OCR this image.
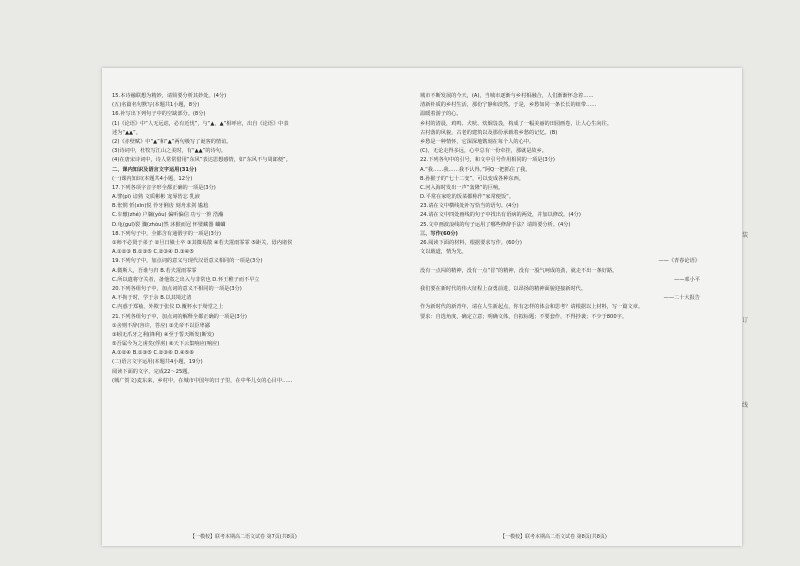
15.本诗融联想为精妙，请简要分析其妙处。(4分)
(五)名篇名句默写(本题共1小题，8分)
16.补写出下列句子中的空缺部分。(8分)
(1)《论语》中“人无远虑，必有近忧”，与“▲，▲”相呼应，出自《论语》中表
述为“▲▲”。
(2)《赤壁赋》中“▲”和“▲”两句极写了诞客的情谊。
(3)诗词中，杜牧写江山之美时，有“▲▲”的诗句。
(4)在唐宋诗词中，诗人常常借用“东风”表达思想感情，如“东风不与周郎便”。
二、课内知识及语言文字运用(31分)
(一)课内知识(本题共4小题，12分)
17.下列各项字音字形全都正确的一项是(3分)
A.譬(pì) 谙熟 文质彬彬 宠辱皆忘 乳液
B.怅惘 忻(xīn)悦 伶牙俐齿 刻舟求剑 尴尬
C.车辙(zhé) 户牖(yǒu) 偏听偏信 功亏一篑 浩瀚
D.龟(guī)裂 骤(zhòu)然 沐猴而冠 怀璧藏器 蛐蛐
18.下列句子中，全都含有通假字的一项是(3分)
①师不必贤于弟子 ②旦日飨士卒 ③其微易散 ④若夫霪雨霏霏 ⑤距关，毋内诸侯
A.①②③ B.①③⑤ C.②③④ D.③④⑤
19.下列句子中，加点词的意义与现代汉语意义相同的一项是(3分)
A.微斯人，吾谁与归 B.若夫霪雨霏霏
C.所以遣将守关者，备他盗之出入与非常也 D.怀王稚子而不早立
20.下列各组句子中，加点词的意义不相同的一项是(3分)
A.不拘于时，学于余 B.以其境过清
C.内惑于郑袖，外欺于张仪 D.覆杯水于坳堂之上
21.下列各组句子中，加点词的解释全都正确的一项是(3分)
①舍则不辞(容许，答应) ②先帝不以臣卑鄙
③蚓无爪牙之利(锋利) ④至于誓天断发(断发)
⑤吾属今为之虏矣(俘虏) ⑥天下云集响应(响应)
A.①②④ B.①③⑤ C.②③⑥ D.④⑤⑥
(二)语言文字运用(本题共4小题，19分)
阅读下面的文字，完成22～25题。
(城广贺文)麦东来，乡村中，在城市中国年的日子里，在中华儿女的心目中……
城市不断发展的今天，(A)，当城市逐渐与乡村相融合，人们渐渐怀念着……
清新朴质的乡村生活，那份宁静和淡然。于是，乡愁如同一条长长的纽带……
温暖着游子的心。
乡村的清晨，鸡鸣、犬吠、炊烟袅袅，构成了一幅美丽的田园画卷，让人心生向往。
古村落的风貌，古老的建筑以及那份承载着乡愁的记忆。(B)
乡愁是一种情怀，它深深地镌刻在每个人的心中。
(C)，无论走得多远，心中总有一份牵挂，那就是故乡。
22.下列各句中的引号，和文中引号作用相同的一项是(3分)
A.“我……我……我不认得。”阿Q一把抓住了我。
B.孙猴子的“七十二变”，可以变成各种东西。
C.河入海时发出一声“轰隆”的巨响。
D.平常在家吃的饭菜都称作“家常便饭”。
23.请在文中横线处补写恰当的语句。(4分)
24.请在文中四处画线的句子中找出有语病的两处，并加以修改。(4分)
25.文中画波浪线的句子运用了哪些修辞手法？请简要分析。(4分)
三、写作(60分)
26.阅读下面的材料，根据要求写作。(60分)
文以载道，情为先。
——《青春论语》
没有一点闯的精神，没有一点“冒”的精神，没有一股气呵成的劲，就走不出一条好路。
——邓小平
我们要在新时代的伟大征程上奋勇前进，以昂扬的精神面貌迎接新时代。
——二十大报告
作为新时代的新青年，请在人生新起点，你有怎样的体会和思考？请根据以上材料，写一篇文章。
要求：自选角度，确定立意；明确文体，自拟标题；不要套作，不得抄袭；不少于800字。
【一模校】联考本期高二语文试卷 第7页(共8页)	【一模校】联考本期高二语文试卷 第8页(共8页)
装
订
线
